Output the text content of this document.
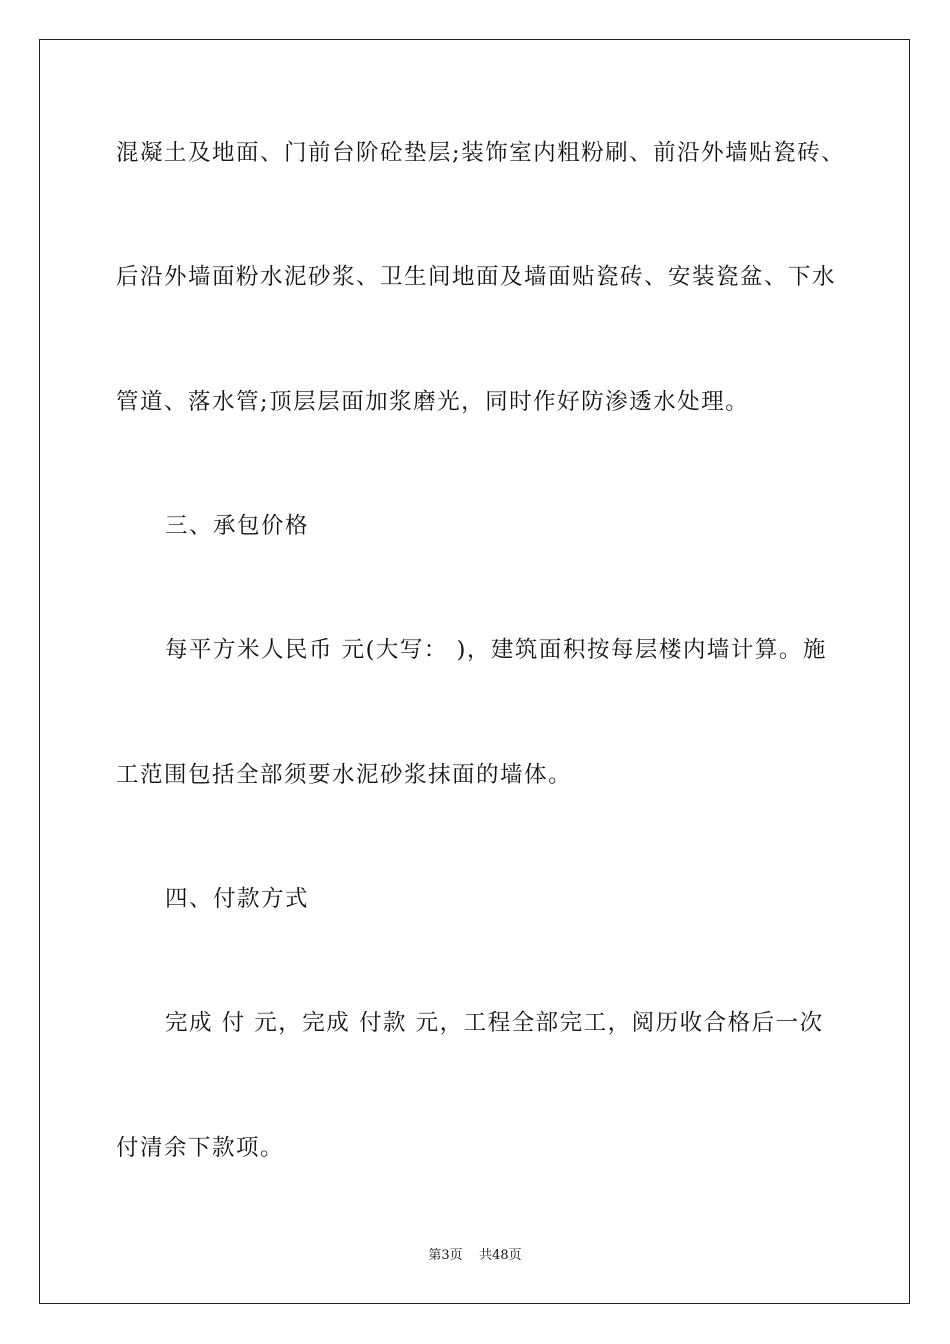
混凝土及地面、门前台阶砼垫层;装饰室内粗粉刷、前沿外墙贴瓷砖、
后沿外墙面粉水泥砂浆、卫生间地面及墙面贴瓷砖、安装瓷盆、下水
管道、落水管;顶层层面加浆磨光，同时作好防渗透水处理。
三、承包价格
每平方米人民币 元(大写： )，建筑面积按每层楼内墙计算。施
工范围包括全部须要水泥砂浆抹面的墙体。
四、付款方式
完成 付 元，完成 付款 元，工程全部完工，阅历收合格后一次
付清余下款项。
第3页    共48页
